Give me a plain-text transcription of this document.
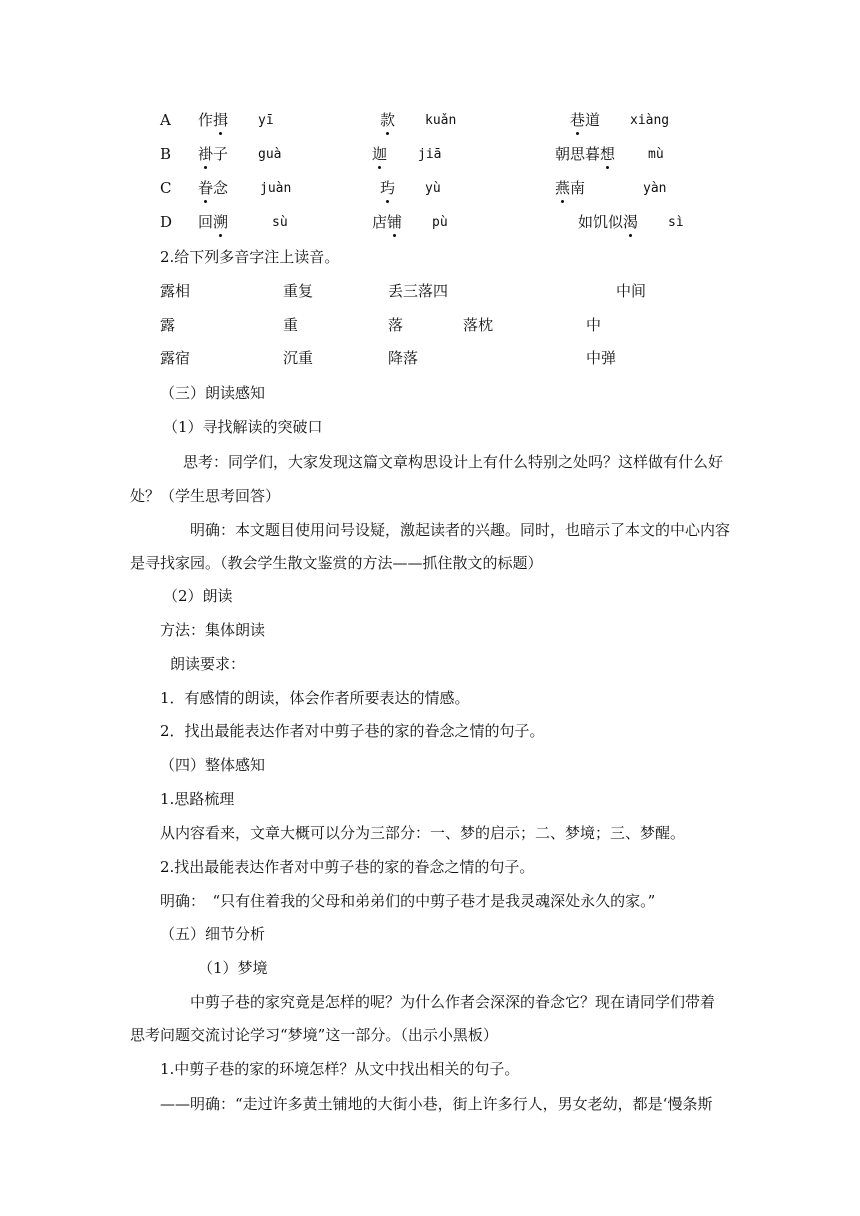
A 作揖 yī	款 kuǎn	巷道 xiàng
B 褂子 guà	迦 jiā	朝思暮想	mù
C 眷念 juàn	玙 yù	燕南	yàn
D 回溯	sù	店铺 pù	如饥似渴 sì
2.给下列多音字注上读音。
露相	重复	丢三落四	中间
露	重	落	落枕	中
露宿	沉重	降落	中弹
（三）朗读感知
（1）寻找解读的突破口
思考：同学们，大家发现这篇文章构思设计上有什么特别之处吗？这样做有什么好
处？（学生思考回答）
明确：本文题目使用问号设疑，激起读者的兴趣。同时，也暗示了本文的中心内容
是寻找家园。（教会学生散文鉴赏的方法——抓住散文的标题）
（2）朗读
方法：集体朗读
朗读要求：
1．有感情的朗读，体会作者所要表达的情感。
2．找出最能表达作者对中剪子巷的家的眷念之情的句子。
（四）整体感知
1.思路梳理
从内容看来，文章大概可以分为三部分：一、梦的启示；二、梦境；三、梦醒。
2.找出最能表达作者对中剪子巷的家的眷念之情的句子。
明确：　“只有住着我的父母和弟弟们的中剪子巷才是我灵魂深处永久的家。”
（五）细节分析
（1）梦境
中剪子巷的家究竟是怎样的呢？为什么作者会深深的眷念它？现在请同学们带着
思考问题交流讨论学习“梦境”这一部分。（出示小黑板）
1.中剪子巷的家的环境怎样？从文中找出相关的句子。
——明确：“走过许多黄土铺地的大街小巷，街上许多行人，男女老幼，都是‘慢条斯
